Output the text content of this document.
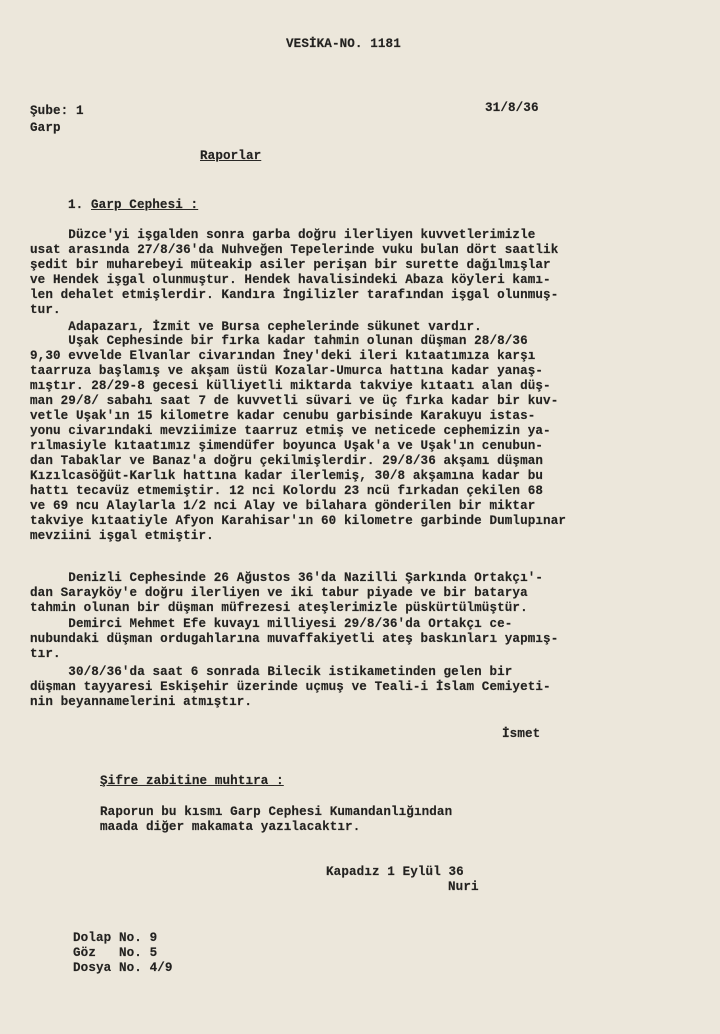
VESİKA-NO. 1181
Şube: 1
Garp
31/8/36
Raporlar
1. Garp Cephesi :
Düzce'yi işgalden sonra garba doğru ilerliyen kuvvetlerimizle
usat arasında 27/8/36'da Nuhveğen Tepelerinde vuku bulan dört saatlik
şedit bir muharebeyi müteakip asiler perişan bir surette dağılmışlar
ve Hendek işgal olunmuştur. Hendek havalisindeki Abaza köyleri kamı-
len dehalet etmişlerdir. Kandıra İngilizler tarafından işgal olunmuş-
tur.
Adapazarı, İzmit ve Bursa cephelerinde sükunet vardır.
Uşak Cephesinde bir fırka kadar tahmin olunan düşman 28/8/36
9,30 evvelde Elvanlar civarından İney'deki ileri kıtaatımıza karşı
taarruza başlamış ve akşam üstü Kozalar-Umurca hattına kadar yanaş-
mıştır. 28/29-8 gecesi külliyetli miktarda takviye kıtaatı alan düş-
man 29/8/ sabahı saat 7 de kuvvetli süvari ve üç fırka kadar bir kuv-
vetle Uşak'ın 15 kilometre kadar cenubu garbisinde Karakuyu istas-
yonu civarındaki mevziimize taarruz etmiş ve neticede cephemizin ya-
rılmasiyle kıtaatımız şimendüfer boyunca Uşak'a ve Uşak'ın cenubun-
dan Tabaklar ve Banaz'a doğru çekilmişlerdir. 29/8/36 akşamı düşman
Kızılcasöğüt-Karlık hattına kadar ilerlemiş, 30/8 akşamına kadar bu
hattı tecavüz etmemiştir. 12 nci Kolordu 23 ncü fırkadan çekilen 68
ve 69 ncu Alaylarla 1/2 nci Alay ve bilahara gönderilen bir miktar
takviye kıtaatiyle Afyon Karahisar'ın 60 kilometre garbinde Dumlupınar
mevziini işgal etmiştir.
Denizli Cephesinde 26 Ağustos 36'da Nazilli Şarkında Ortakçı'-
dan Sarayköy'e doğru ilerliyen ve iki tabur piyade ve bir batarya
tahmin olunan bir düşman müfrezesi ateşlerimizle püskürtülmüştür.
Demirci Mehmet Efe kuvayı milliyesi 29/8/36'da Ortakçı ce-
nubundaki düşman ordugahlarına muvaffakiyetli ateş baskınları yapmış-
tır.
30/8/36'da saat 6 sonrada Bilecik istikametinden gelen bir
düşman tayyaresi Eskişehir üzerinde uçmuş ve Teali-i İslam Cemiyeti-
nin beyannamelerini atmıştır.
İsmet
Şifre zabitine muhtıra :
Raporun bu kısmı Garp Cephesi Kumandanlığından
maada diğer makamata yazılacaktır.
Kapadız 1 Eylül 36
Nuri
Dolap No. 9
Göz   No. 5
Dosya No. 4/9
